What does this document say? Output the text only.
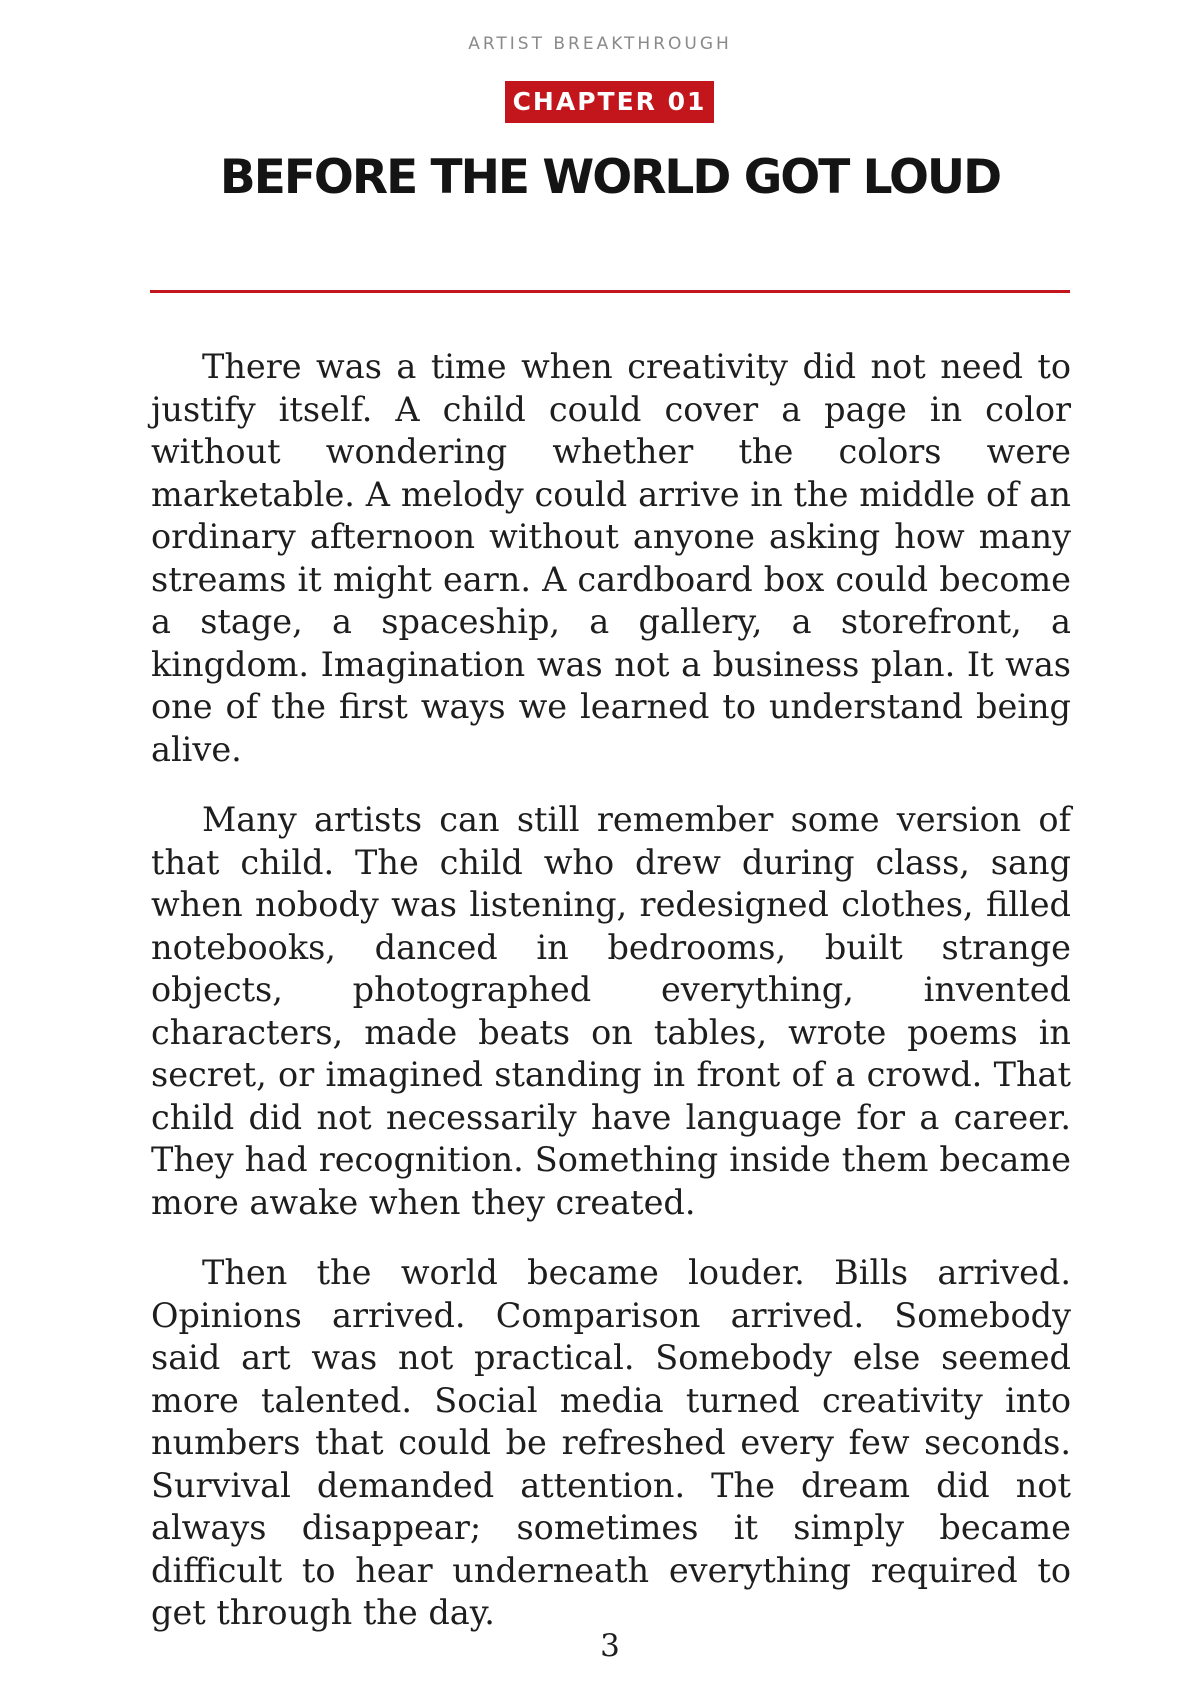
ARTIST BREAKTHROUGH
CHAPTER 01
BEFORE THE WORLD GOT LOUD

There was a time when creativity did not need to justify itself. A child could cover a page in color without wondering whether the colors were marketable. A melody could arrive in the middle of an ordinary afternoon without anyone asking how many streams it might earn. A cardboard box could become a stage, a spaceship, a gallery, a storefront, a kingdom. Imagination was not a business plan. It was one of the first ways we learned to understand being alive.

Many artists can still remember some version of that child. The child who drew during class, sang when nobody was listening, redesigned clothes, filled notebooks, danced in bedrooms, built strange objects, photographed everything, invented characters, made beats on tables, wrote poems in secret, or imagined standing in front of a crowd. That child did not necessarily have language for a career. They had recognition. Something inside them became more awake when they created.

Then the world became louder. Bills arrived. Opinions arrived. Comparison arrived. Somebody said art was not practical. Somebody else seemed more talented. Social media turned creativity into numbers that could be refreshed every few seconds. Survival demanded attention. The dream did not always disappear; sometimes it simply became difficult to hear underneath everything required to get through the day.

3
